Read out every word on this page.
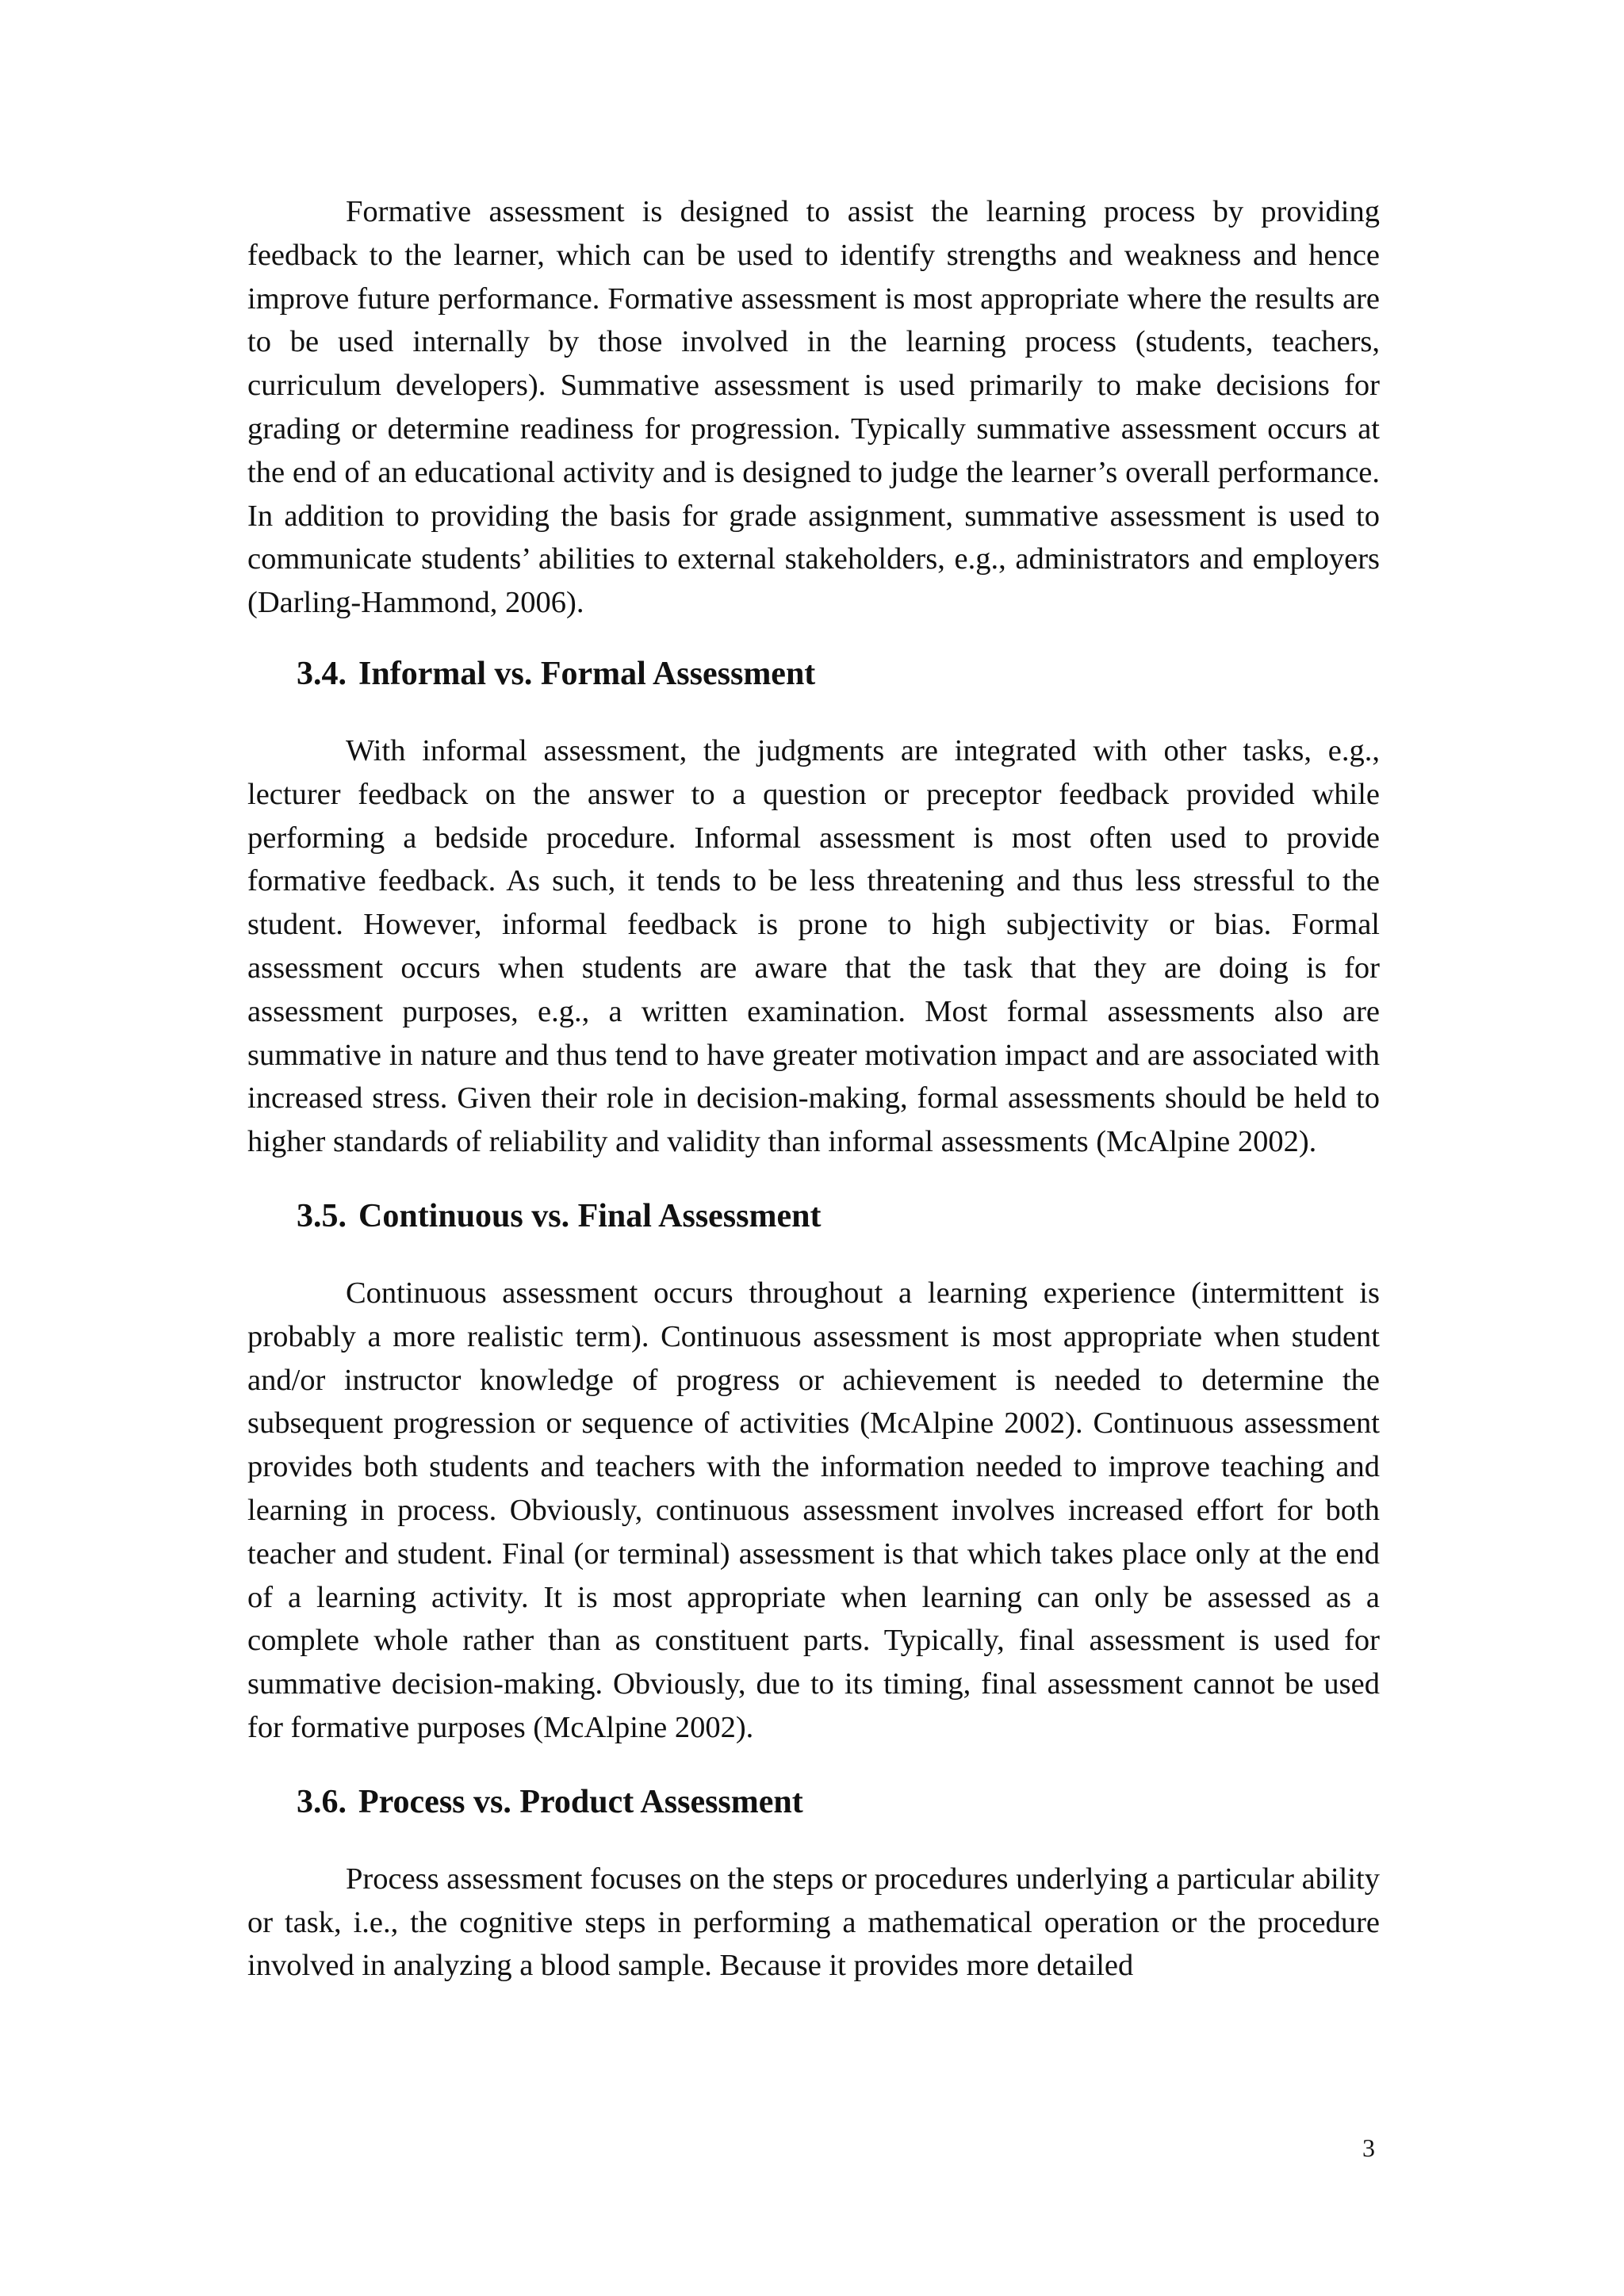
Formative assessment is designed to assist the learning process by providing feedback to the learner, which can be used to identify strengths and weakness and hence improve future performance. Formative assessment is most appropriate where the results are to be used internally by those involved in the learning process (students, teachers, curriculum developers). Summative assessment is used primarily to make decisions for grading or determine readiness for progression. Typically summative assessment occurs at the end of an educational activity and is designed to judge the learner’s overall performance. In addition to providing the basis for grade assignment, summative assessment is used to communicate students’ abilities to external stakeholders, e.g., administrators and employers (Darling-Hammond, 2006).

3.4. Informal vs. Formal Assessment

With informal assessment, the judgments are integrated with other tasks, e.g., lecturer feedback on the answer to a question or preceptor feedback provided while performing a bedside procedure. Informal assessment is most often used to provide formative feedback. As such, it tends to be less threatening and thus less stressful to the student. However, informal feedback is prone to high subjectivity or bias. Formal assessment occurs when students are aware that the task that they are doing is for assessment purposes, e.g., a written examination. Most formal assessments also are summative in nature and thus tend to have greater motivation impact and are associated with increased stress. Given their role in decision-making, formal assessments should be held to higher standards of reliability and validity than informal assessments (McAlpine 2002).

3.5. Continuous vs. Final Assessment

Continuous assessment occurs throughout a learning experience (intermittent is probably a more realistic term). Continuous assessment is most appropriate when student and/or instructor knowledge of progress or achievement is needed to determine the subsequent progression or sequence of activities (McAlpine 2002). Continuous assessment provides both students and teachers with the information needed to improve teaching and learning in process. Obviously, continuous assessment involves increased effort for both teacher and student. Final (or terminal) assessment is that which takes place only at the end of a learning activity. It is most appropriate when learning can only be assessed as a complete whole rather than as constituent parts. Typically, final assessment is used for summative decision-making. Obviously, due to its timing, final assessment cannot be used for formative purposes (McAlpine 2002).

3.6. Process vs. Product Assessment

Process assessment focuses on the steps or procedures underlying a particular ability or task, i.e., the cognitive steps in performing a mathematical operation or the procedure involved in analyzing a blood sample. Because it provides more detailed

3
